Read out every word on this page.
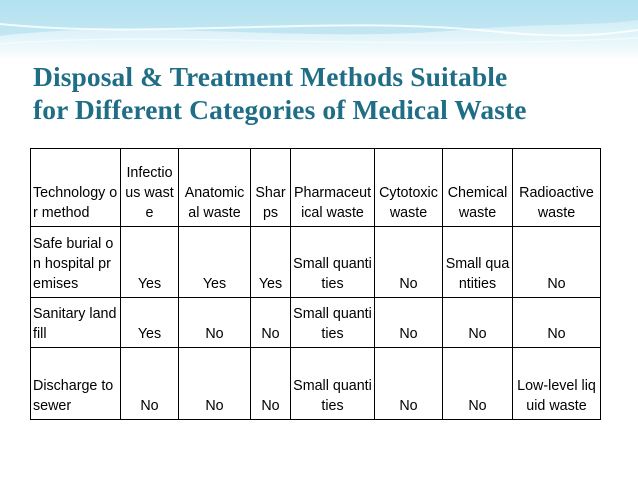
Disposal & Treatment Methods Suitable
for Different Categories of Medical Waste
Technology or method	Infectious waste	Anatomical waste	Sharps	Pharmaceutical waste	Cytotoxic waste	Chemical waste	Radioactive waste
Safe burial on hospital premises	Yes	Yes	Yes	Small quantities	No	Small quantities	No
Sanitary landfill	Yes	No	No	Small quantities	No	No	No
Discharge to sewer	No	No	No	Small quantities	No	No	Low-level liquid waste
